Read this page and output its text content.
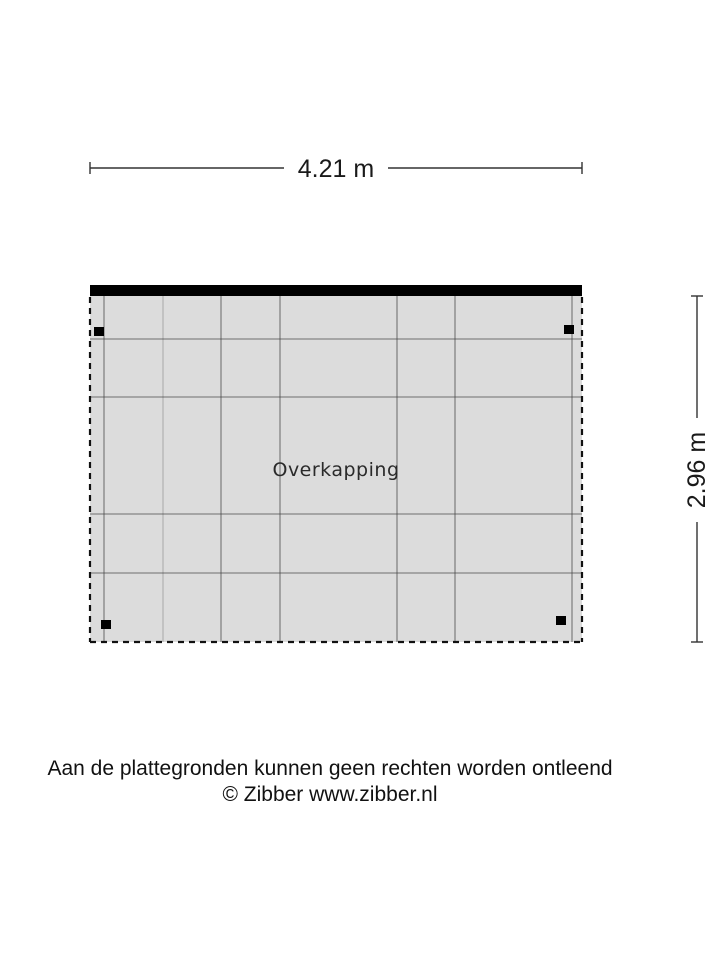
4.21 m
2.96 m
Overkapping
Aan de plattegronden kunnen geen rechten worden ontleend
© Zibber www.zibber.nl
